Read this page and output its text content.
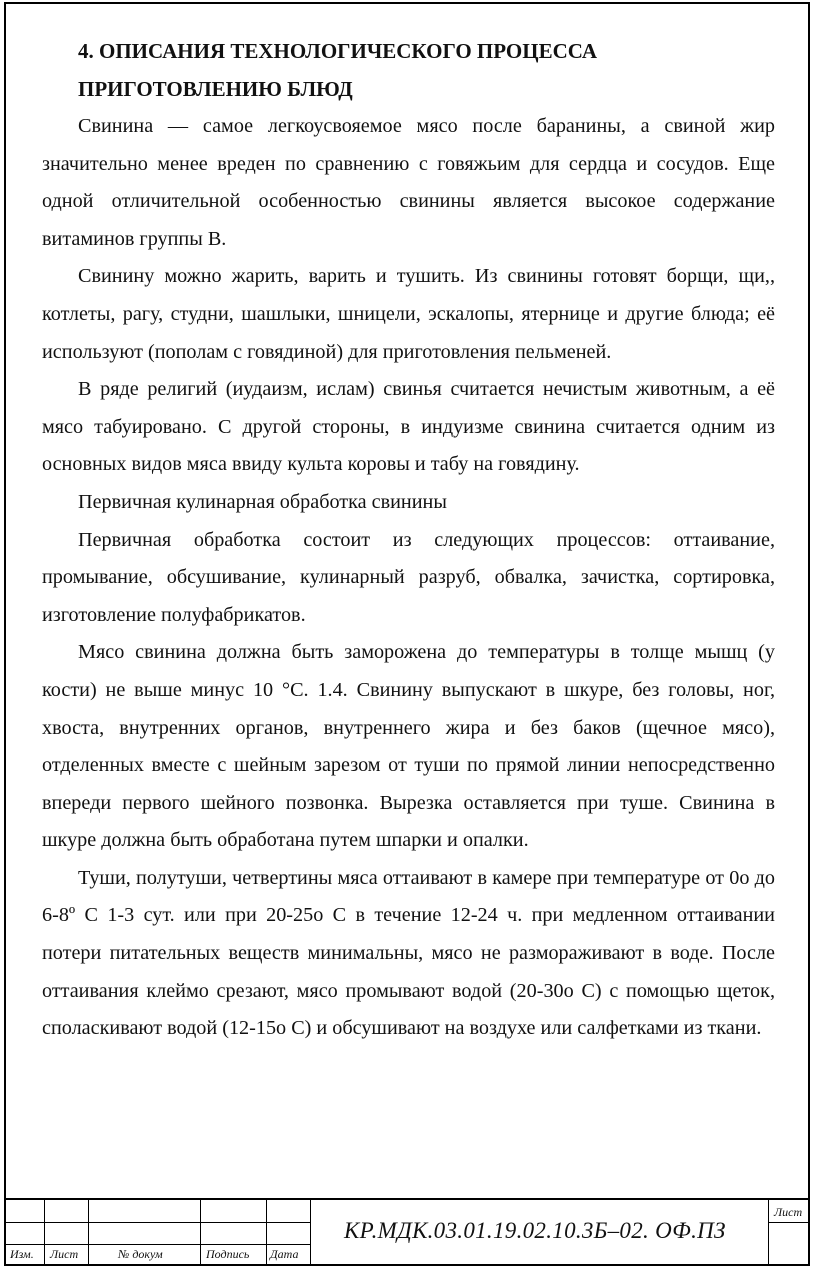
4. ОПИСАНИЯ ТЕХНОЛОГИЧЕСКОГО ПРОЦЕССА
ПРИГОТОВЛЕНИЮ БЛЮД

Свинина — самое легкоусвояемое мясо после баранины, а свиной жир значительно менее вреден по сравнению с говяжьим для сердца и сосудов. Еще одной отличительной особенностью свинины является высокое содержание витаминов группы В.

Свинину можно жарить, варить и тушить. Из свинины готовят борщи, щи,, котлеты, рагу, студни, шашлыки, шницели, эскалопы, ятернице и другие блюда; её используют (пополам с говядиной) для приготовления пельменей.

В ряде религий (иудаизм, ислам) свинья считается нечистым животным, а её мясо табуировано. С другой стороны, в индуизме свинина считается одним из основных видов мяса ввиду культа коровы и табу на говядину.

Первичная кулинарная обработка свинины

Первичная обработка состоит из следующих процессов: оттаивание, промывание, обсушивание, кулинарный разруб, обвалка, зачистка, сортировка, изготовление полуфабрикатов.

Мясо свинина должна быть заморожена до температуры в толще мышц (у кости) не выше минус 10 °С. 1.4. Свинину выпускают в шкуре, без головы, ног, хвоста, внутренних органов, внутреннего жира и без баков (щечное мясо), отделенных вместе с шейным зарезом от туши по прямой линии непосредственно впереди первого шейного позвонка. Вырезка оставляется при туше. Свинина в шкуре должна быть обработана путем шпарки и опалки.

Туши, полутуши, четвертины мяса оттаивают в камере при температуре от 0о до 6-8º С 1-3 сут. или при 20-25о С в течение 12-24 ч. при медленном оттаивании потери питательных веществ минимальны, мясо не размораживают в воде. После оттаивания клеймо срезают, мясо промывают водой (20-30о С) с помощью щеток, споласкивают водой (12-15о С) и обсушивают на воздухе или салфетками из ткани.

Изм. Лист	№ докум	Подпись Дата
КР.МДК.03.01.19.02.10.3Б–02. ОФ.ПЗ
Лист
